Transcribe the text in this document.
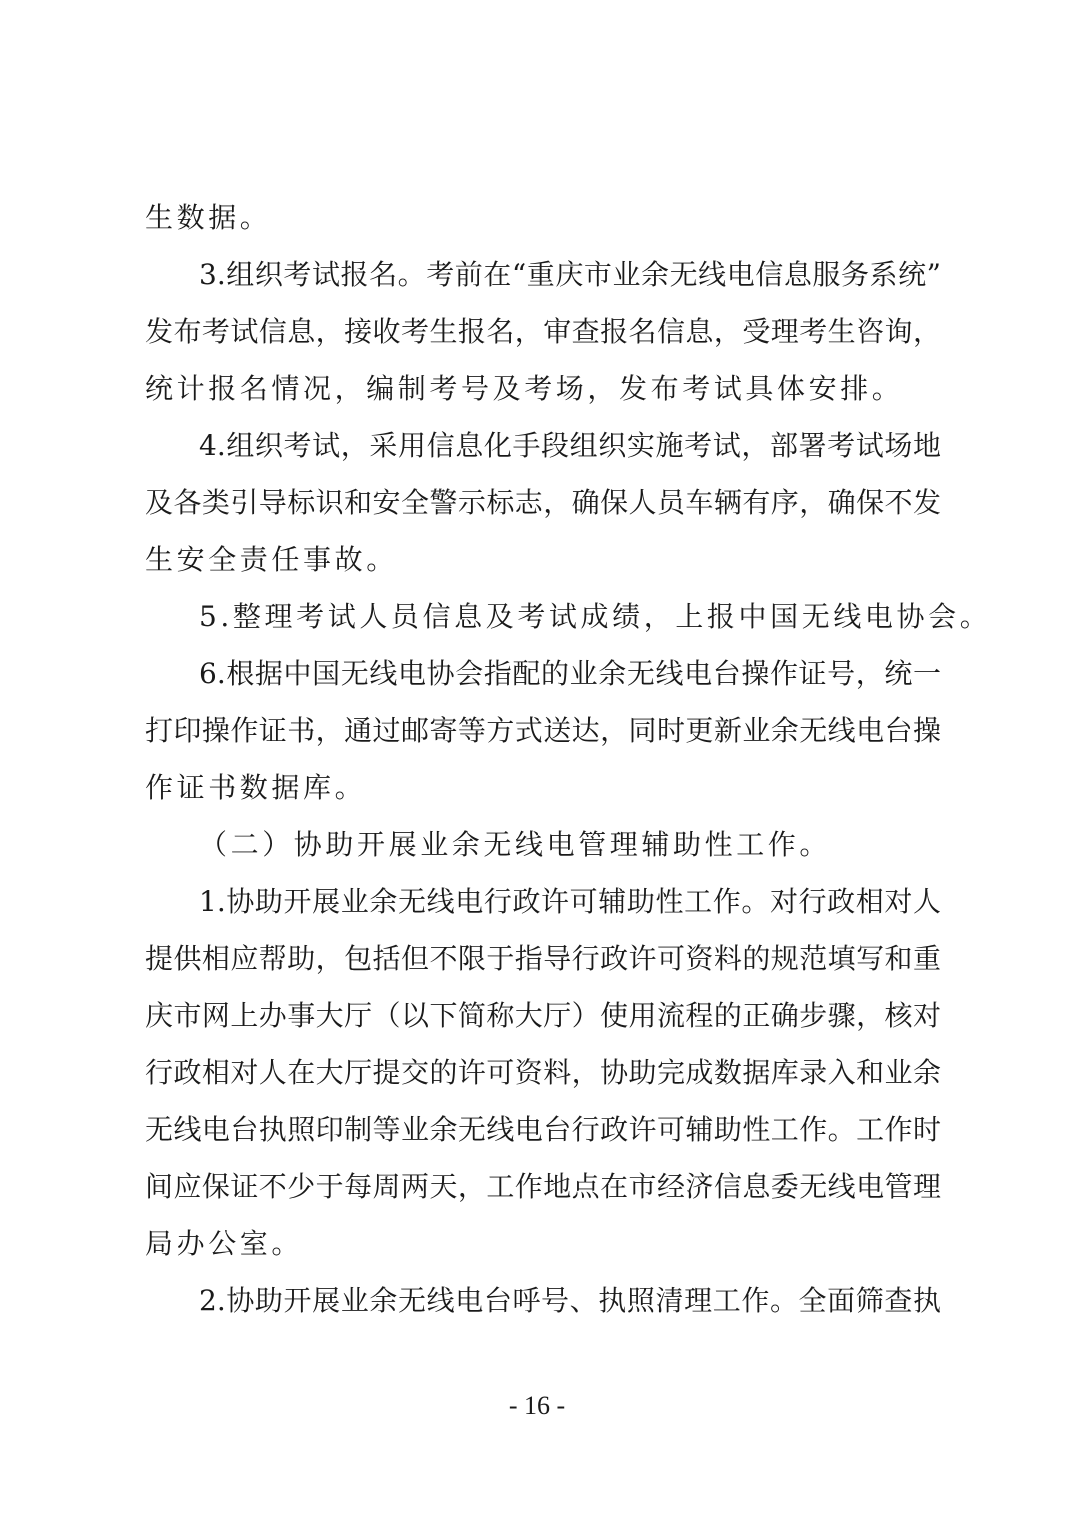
生数据。
3.组织考试报名。考前在“重庆市业余无线电信息服务系统”
发布考试信息，接收考生报名，审查报名信息，受理考生咨询，
统计报名情况，编制考号及考场，发布考试具体安排。
4.组织考试，采用信息化手段组织实施考试，部署考试场地
及各类引导标识和安全警示标志，确保人员车辆有序，确保不发
生安全责任事故。
5.整理考试人员信息及考试成绩，上报中国无线电协会。
6.根据中国无线电协会指配的业余无线电台操作证号，统一
打印操作证书，通过邮寄等方式送达，同时更新业余无线电台操
作证书数据库。
（二）协助开展业余无线电管理辅助性工作。
1.协助开展业余无线电行政许可辅助性工作。对行政相对人
提供相应帮助，包括但不限于指导行政许可资料的规范填写和重
庆市网上办事大厅（以下简称大厅）使用流程的正确步骤，核对
行政相对人在大厅提交的许可资料，协助完成数据库录入和业余
无线电台执照印制等业余无线电台行政许可辅助性工作。工作时
间应保证不少于每周两天，工作地点在市经济信息委无线电管理
局办公室。
2.协助开展业余无线电台呼号、执照清理工作。全面筛查执
- 16 -
